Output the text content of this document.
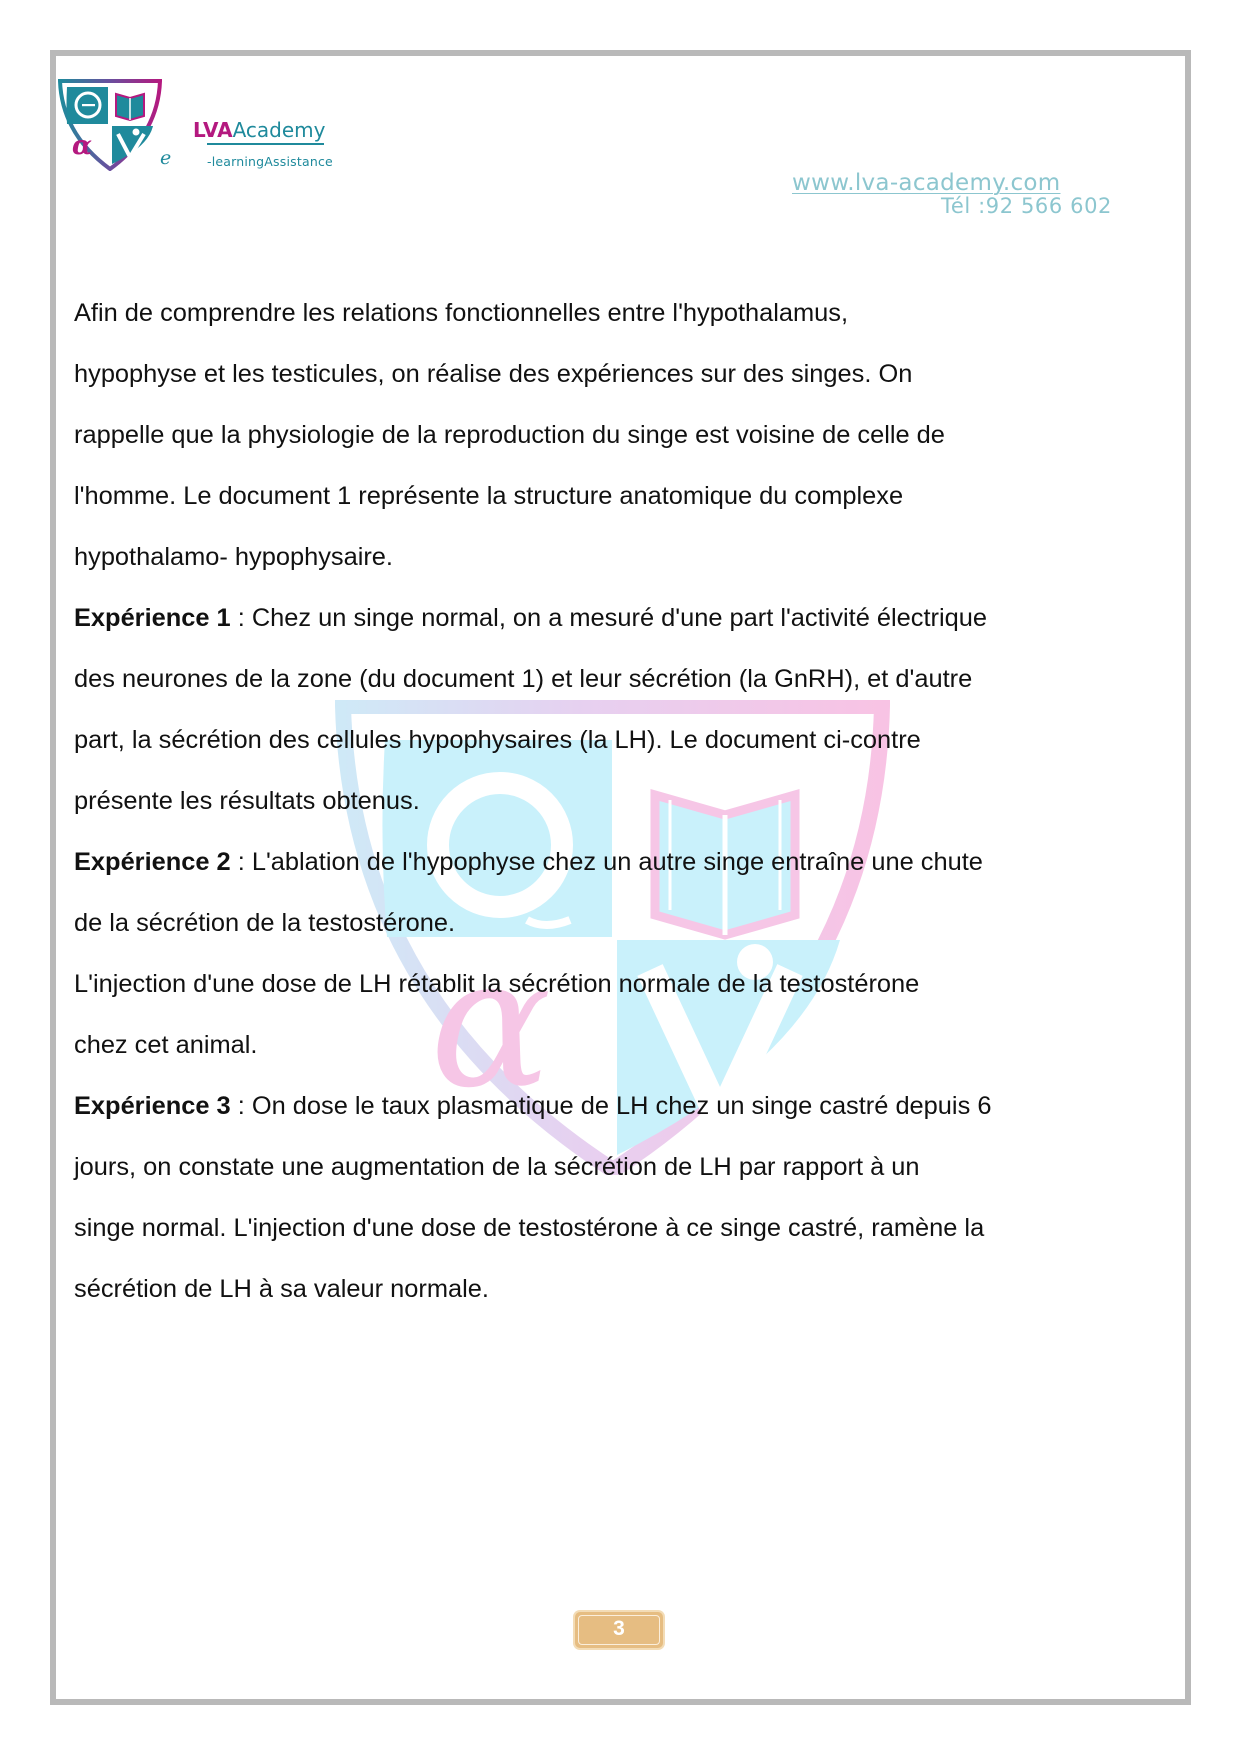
α	e
LVAAcademy
-learningAssistance
www.lva-academy.com
Tél :92 566 602
α
Afin de comprendre les relations fonctionnelles entre l'hypothalamus,
hypophyse et les testicules, on réalise des expériences sur des singes. On
rappelle que la physiologie de la reproduction du singe est voisine de celle de
l'homme. Le document 1 représente la structure anatomique du complexe
hypothalamo- hypophysaire.
Expérience 1 : Chez un singe normal, on a mesuré d'une part l'activité électrique
des neurones de la zone (du document 1) et leur sécrétion (la GnRH), et d'autre
part, la sécrétion des cellules hypophysaires (la LH). Le document ci-contre
présente les résultats obtenus.
Expérience 2 : L'ablation de l'hypophyse chez un autre singe entraîne une chute
de la sécrétion de la testostérone.
L'injection d'une dose de LH rétablit la sécrétion normale de la testostérone
chez cet animal.
Expérience 3 : On dose le taux plasmatique de LH chez un singe castré depuis 6
jours, on constate une augmentation de la sécrétion de LH par rapport à un
singe normal. L'injection d'une dose de testostérone à ce singe castré, ramène la
sécrétion de LH à sa valeur normale.
3
